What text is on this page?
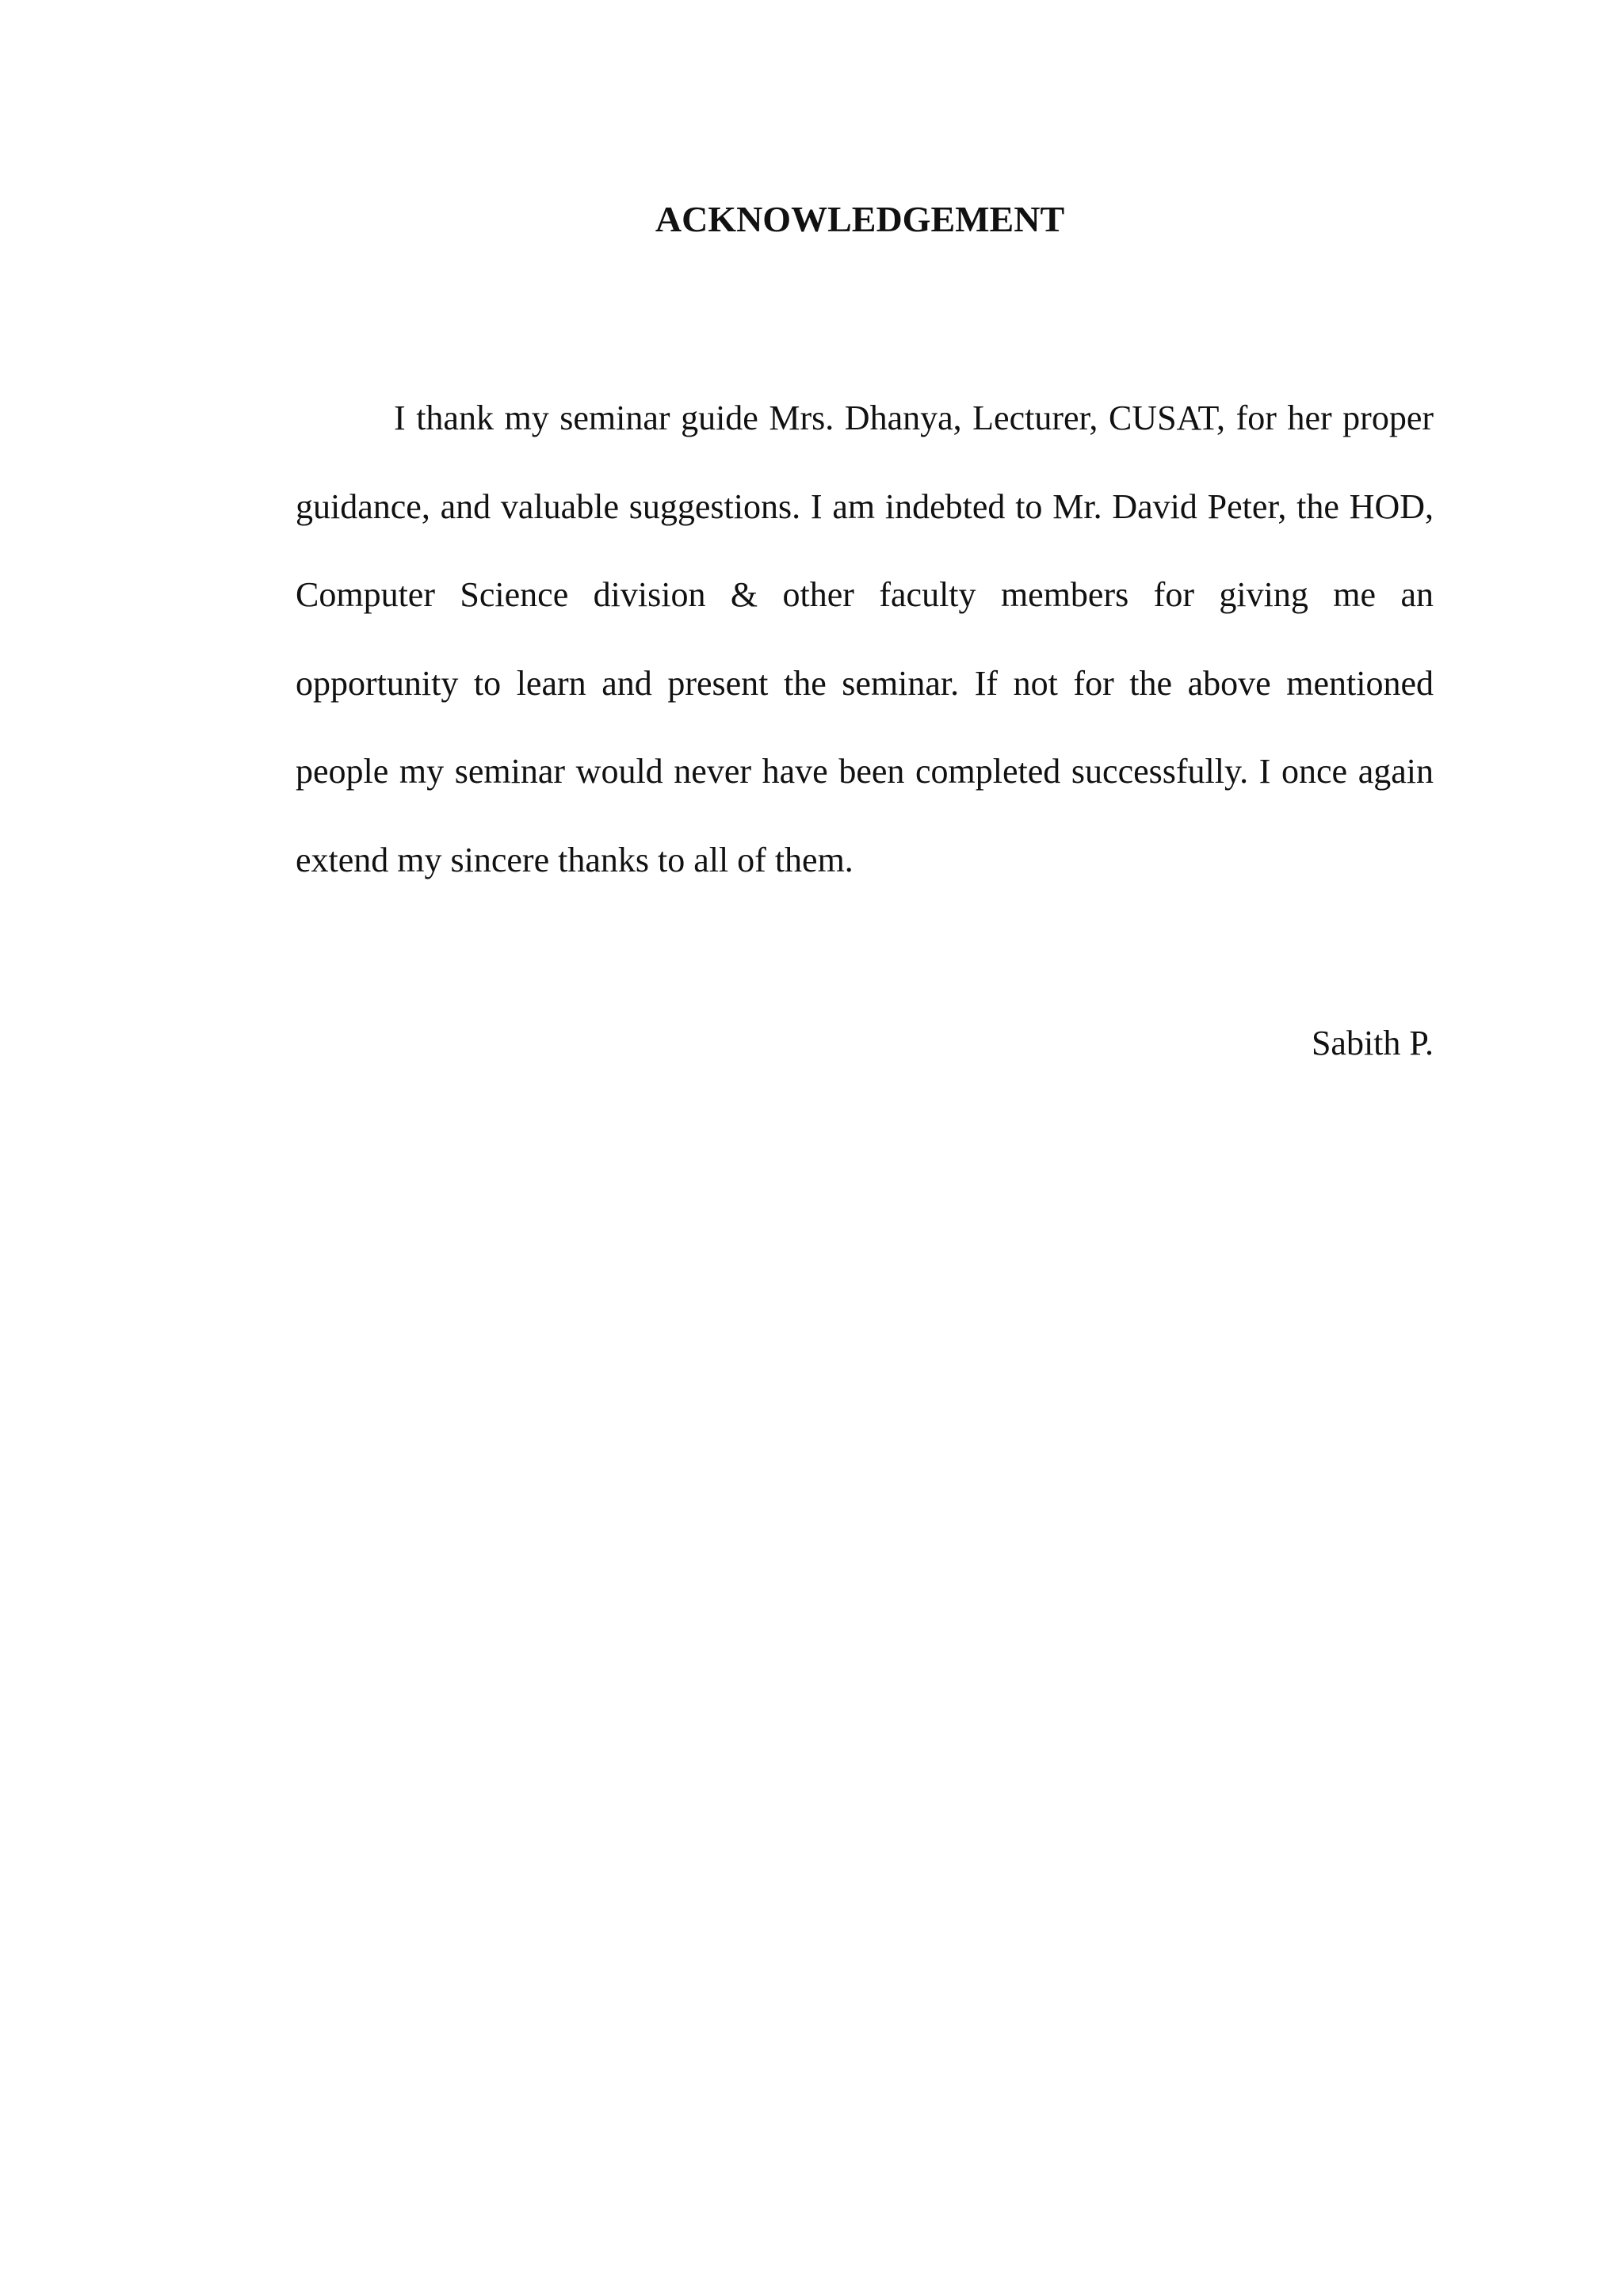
ACKNOWLEDGEMENT

I thank my seminar guide Mrs. Dhanya, Lecturer, CUSAT, for her proper guidance, and valuable suggestions. I am indebted to Mr. David Peter, the HOD, Computer Science division & other faculty members for giving me an opportunity to learn and present the seminar. If not for the above mentioned people my seminar would never have been completed successfully. I once again extend my sincere thanks to all of them.

Sabith P.
